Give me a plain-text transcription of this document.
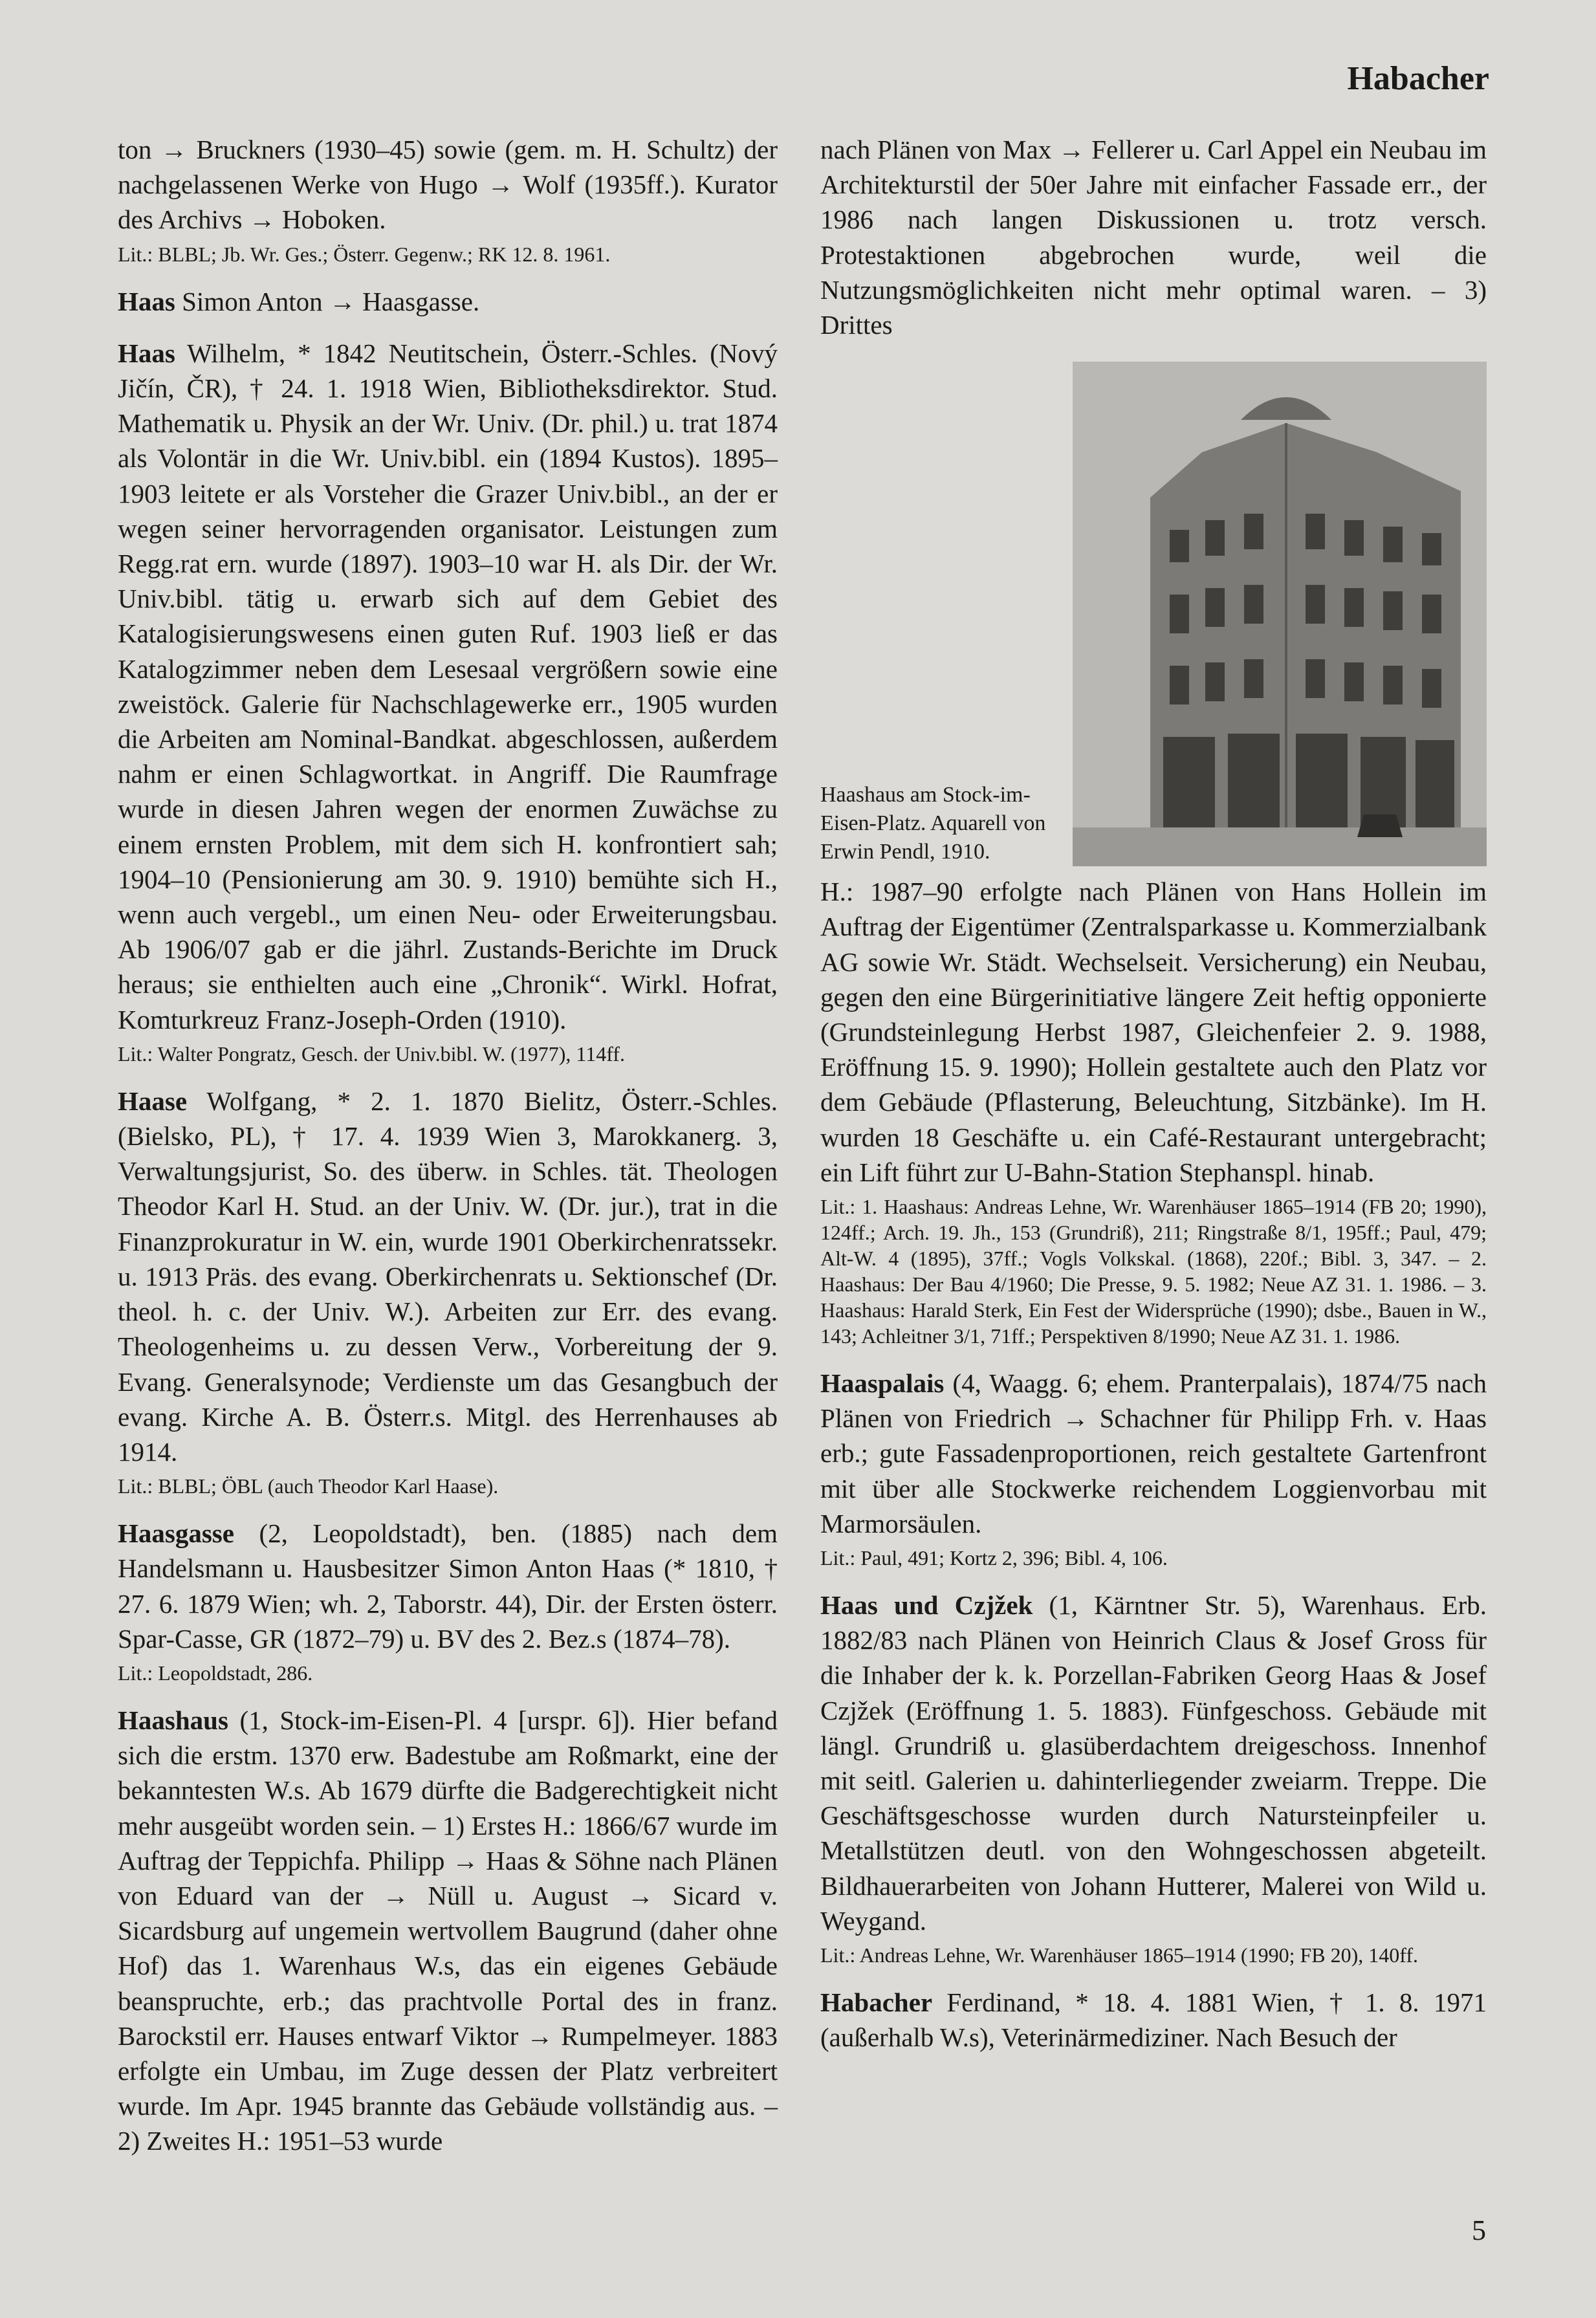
Habacher

ton → Bruckners (1930–45) sowie (gem. m. H. Schultz) der nachgelassenen Werke von Hugo → Wolf (1935ff.). Kurator des Archivs → Hoboken.

Lit.: BLBL; Jb. Wr. Ges.; Österr. Gegenw.; RK 12. 8. 1961.

Haas Simon Anton → Haasgasse.

Haas Wilhelm, * 1842 Neutitschein, Österr.-Schles. (Nový Jičín, ČR), † 24. 1. 1918 Wien, Bibliotheksdirektor. Stud. Mathematik u. Physik an der Wr. Univ. (Dr. phil.) u. trat 1874 als Volontär in die Wr. Univ.bibl. ein (1894 Kustos). 1895–1903 leitete er als Vorsteher die Grazer Univ.bibl., an der er wegen seiner hervorragenden organisator. Leistungen zum Regg.rat ern. wurde (1897). 1903–10 war H. als Dir. der Wr. Univ.bibl. tätig u. erwarb sich auf dem Gebiet des Katalogisierungswesens einen guten Ruf. 1903 ließ er das Katalogzimmer neben dem Lesesaal vergrößern sowie eine zweistöck. Galerie für Nachschlagewerke err., 1905 wurden die Arbeiten am Nominal-Bandkat. abgeschlossen, außerdem nahm er einen Schlagwortkat. in Angriff. Die Raumfrage wurde in diesen Jahren wegen der enormen Zuwächse zu einem ernsten Problem, mit dem sich H. konfrontiert sah; 1904–10 (Pensionierung am 30. 9. 1910) bemühte sich H., wenn auch vergebl., um einen Neu- oder Erweiterungsbau. Ab 1906/07 gab er die jährl. Zustands-Berichte im Druck heraus; sie enthielten auch eine „Chronik“. Wirkl. Hofrat, Komturkreuz Franz-Joseph-Orden (1910).

Lit.: Walter Pongratz, Gesch. der Univ.bibl. W. (1977), 114ff.

Haase Wolfgang, * 2. 1. 1870 Bielitz, Österr.-Schles. (Bielsko, PL), † 17. 4. 1939 Wien 3, Marokkanerg. 3, Verwaltungsjurist, So. des überw. in Schles. tät. Theologen Theodor Karl H. Stud. an der Univ. W. (Dr. jur.), trat in die Finanzprokuratur in W. ein, wurde 1901 Oberkirchenratssekr. u. 1913 Präs. des evang. Oberkirchenrats u. Sektionschef (Dr. theol. h. c. der Univ. W.). Arbeiten zur Err. des evang. Theologenheims u. zu dessen Verw., Vorbereitung der 9. Evang. Generalsynode; Verdienste um das Gesangbuch der evang. Kirche A. B. Österr.s. Mitgl. des Herrenhauses ab 1914.

Lit.: BLBL; ÖBL (auch Theodor Karl Haase).

Haasgasse (2, Leopoldstadt), ben. (1885) nach dem Handelsmann u. Hausbesitzer Simon Anton Haas (* 1810, † 27. 6. 1879 Wien; wh. 2, Taborstr. 44), Dir. der Ersten österr. Spar-Casse, GR (1872–79) u. BV des 2. Bez.s (1874–78).

Lit.: Leopoldstadt, 286.

Haashaus (1, Stock-im-Eisen-Pl. 4 [urspr. 6]). Hier befand sich die erstm. 1370 erw. Badestube am Roßmarkt, eine der bekanntesten W.s. Ab 1679 dürfte die Badgerechtigkeit nicht mehr ausgeübt worden sein. – 1) Erstes H.: 1866/67 wurde im Auftrag der Teppichfa. Philipp → Haas & Söhne nach Plänen von Eduard van der → Nüll u. August → Sicard v. Sicardsburg auf ungemein wertvollem Baugrund (daher ohne Hof) das 1. Warenhaus W.s, das ein eigenes Gebäude beanspruchte, erb.; das prachtvolle Portal des in franz. Barockstil err. Hauses entwarf Viktor → Rumpelmeyer. 1883 erfolgte ein Umbau, im Zuge dessen der Platz verbreitert wurde. Im Apr. 1945 brannte das Gebäude vollständig aus. – 2) Zweites H.: 1951–53 wurde

nach Plänen von Max → Fellerer u. Carl Appel ein Neubau im Architekturstil der 50er Jahre mit einfacher Fassade err., der 1986 nach langen Diskussionen u. trotz versch. Protestaktionen abgebrochen wurde, weil die Nutzungsmöglichkeiten nicht mehr optimal waren. – 3) Drittes

Haashaus am Stock-im-Eisen-Platz. Aquarell von Erwin Pendl, 1910.

H.: 1987–90 erfolgte nach Plänen von Hans Hollein im Auftrag der Eigentümer (Zentralsparkasse u. Kommerzialbank AG sowie Wr. Städt. Wechselseit. Versicherung) ein Neubau, gegen den eine Bürgerinitiative längere Zeit heftig opponierte (Grundsteinlegung Herbst 1987, Gleichenfeier 2. 9. 1988, Eröffnung 15. 9. 1990); Hollein gestaltete auch den Platz vor dem Gebäude (Pflasterung, Beleuchtung, Sitzbänke). Im H. wurden 18 Geschäfte u. ein Café-Restaurant untergebracht; ein Lift führt zur U-Bahn-Station Stephanspl. hinab.

Lit.: 1. Haashaus: Andreas Lehne, Wr. Warenhäuser 1865–1914 (FB 20; 1990), 124ff.; Arch. 19. Jh., 153 (Grundriß), 211; Ringstraße 8/1, 195ff.; Paul, 479; Alt-W. 4 (1895), 37ff.; Vogls Volkskal. (1868), 220f.; Bibl. 3, 347. – 2. Haashaus: Der Bau 4/1960; Die Presse, 9. 5. 1982; Neue AZ 31. 1. 1986. – 3. Haashaus: Harald Sterk, Ein Fest der Widersprüche (1990); dsbe., Bauen in W., 143; Achleitner 3/1, 71ff.; Perspektiven 8/1990; Neue AZ 31. 1. 1986.

Haaspalais (4, Waagg. 6; ehem. Pranterpalais), 1874/75 nach Plänen von Friedrich → Schachner für Philipp Frh. v. Haas erb.; gute Fassadenproportionen, reich gestaltete Gartenfront mit über alle Stockwerke reichendem Loggienvorbau mit Marmorsäulen.

Lit.: Paul, 491; Kortz 2, 396; Bibl. 4, 106.

Haas und Czjžek (1, Kärntner Str. 5), Warenhaus. Erb. 1882/83 nach Plänen von Heinrich Claus & Josef Gross für die Inhaber der k. k. Porzellan-Fabriken Georg Haas & Josef Czjžek (Eröffnung 1. 5. 1883). Fünfgeschoss. Gebäude mit längl. Grundriß u. glasüberdachtem dreigeschoss. Innenhof mit seitl. Galerien u. dahinterliegender zweiarm. Treppe. Die Geschäftsgeschosse wurden durch Natursteinpfeiler u. Metallstützen deutl. von den Wohngeschossen abgeteilt. Bildhauerarbeiten von Johann Hutterer, Malerei von Wild u. Weygand.

Lit.: Andreas Lehne, Wr. Warenhäuser 1865–1914 (1990; FB 20), 140ff.

Habacher Ferdinand, * 18. 4. 1881 Wien, † 1. 8. 1971 (außerhalb W.s), Veterinärmediziner. Nach Besuch der

5
